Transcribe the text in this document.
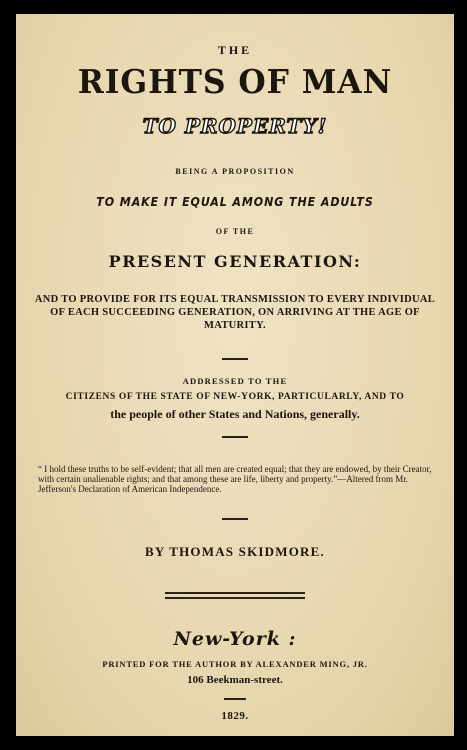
THE
RIGHTS OF MAN
TO PROPERTY!
BEING A PROPOSITION
TO MAKE IT EQUAL AMONG THE ADULTS
OF THE
PRESENT GENERATION:
AND TO PROVIDE FOR ITS EQUAL TRANSMISSION TO EVERY INDIVIDUAL OF EACH SUCCEEDING GENERATION, ON ARRIVING AT THE AGE OF MATURITY.
ADDRESSED TO THE
CITIZENS OF THE STATE OF NEW-YORK, PARTICULARLY, AND TO
the people of other States and Nations, generally.
“ I hold these truths to be self-evident; that all men are created equal; that they are endowed, by their Creator, with certain unalienable rights; and that among these are life, liberty and property.”—Altered from Mr. Jefferson's Declaration of American Independence.
BY THOMAS SKIDMORE.
New-York :
PRINTED FOR THE AUTHOR BY ALEXANDER MING, JR.
106 Beekman-street.
1829.
